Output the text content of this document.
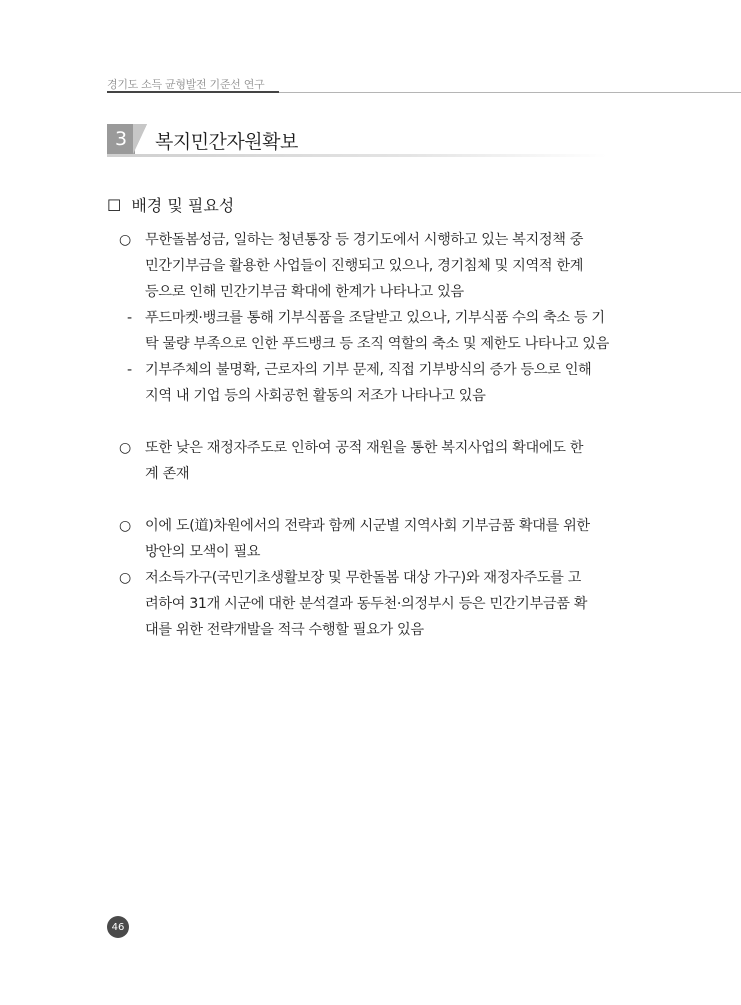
경기도 소득 균형발전 기준선 연구
3	복지민간자원확보
☐ 배경 및 필요성
○ 무한돌봄성금, 일하는 청년통장 등 경기도에서 시행하고 있는 복지정책 중
민간기부금을 활용한 사업들이 진행되고 있으나, 경기침체 및 지역적 한계
등으로 인해 민간기부금 확대에 한계가 나타나고 있음
- 푸드마켓·뱅크를 통해 기부식품을 조달받고 있으나, 기부식품 수의 축소 등 기
탁 물량 부족으로 인한 푸드뱅크 등 조직 역할의 축소 및 제한도 나타나고 있음
- 기부주체의 불명확, 근로자의 기부 문제, 직접 기부방식의 증가 등으로 인해
지역 내 기업 등의 사회공헌 활동의 저조가 나타나고 있음
○ 또한 낮은 재정자주도로 인하여 공적 재원을 통한 복지사업의 확대에도 한
계 존재
○ 이에 도(道)차원에서의 전략과 함께 시군별 지역사회 기부금품 확대를 위한
방안의 모색이 필요
○ 저소득가구(국민기초생활보장 및 무한돌봄 대상 가구)와 재정자주도를 고
려하여 31개 시군에 대한 분석결과 동두천·의정부시 등은 민간기부금품 확
대를 위한 전략개발을 적극 수행할 필요가 있음
46
